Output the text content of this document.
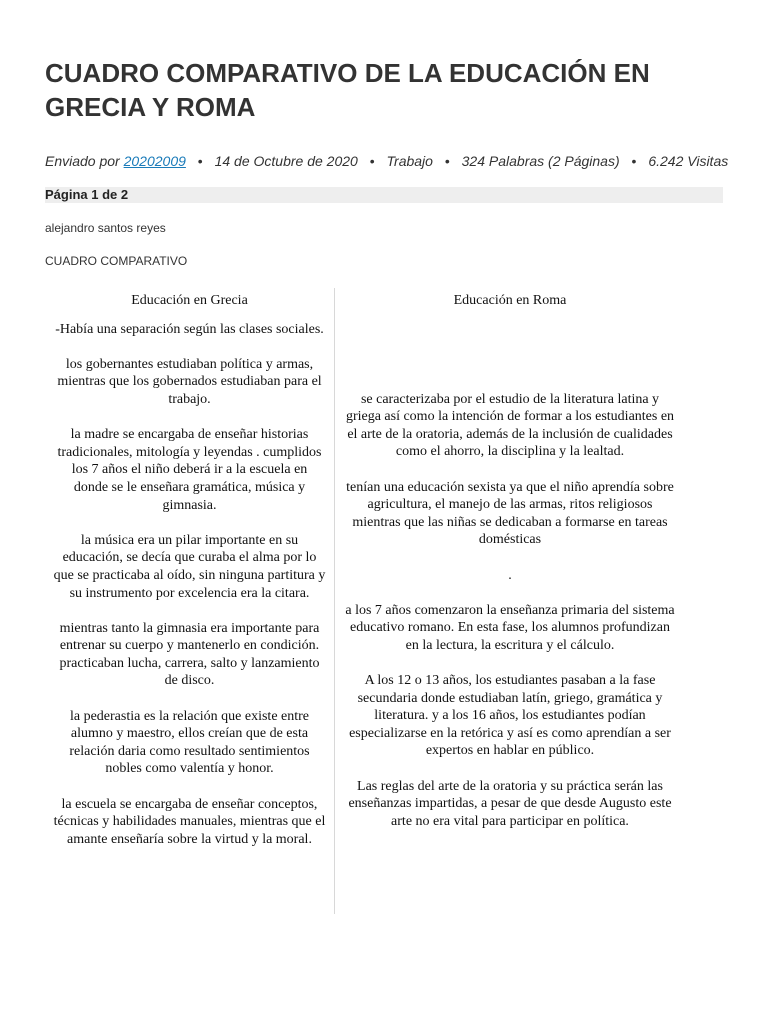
CUADRO COMPARATIVO DE LA EDUCACIÓN EN GRECIA Y ROMA
Enviado por 20202009 • 14 de Octubre de 2020 • Trabajo • 324 Palabras (2 Páginas) • 6.242 Visitas
Página 1 de 2
alejandro santos reyes
CUADRO COMPARATIVO
Educación en Grecia

-Había una separación según las clases sociales.

los gobernantes estudiaban política y armas, mientras que los gobernados estudiaban para el trabajo.

la madre se encargaba de enseñar historias tradicionales, mitología y leyendas . cumplidos los 7 años el niño deberá ir a la escuela en donde se le enseñara gramática, música y gimnasia.

la música era un pilar importante en su educación, se decía que curaba el alma por lo que se practicaba al oído, sin ninguna partitura y su instrumento por excelencia era la citara.

mientras tanto la gimnasia era importante para entrenar su cuerpo y mantenerlo en condición. practicaban lucha, carrera, salto y lanzamiento de disco.

la pederastia es la relación que existe entre alumno y maestro, ellos creían que de esta relación daria como resultado sentimientos nobles como valentía y honor.

la escuela se encargaba de enseñar conceptos, técnicas y habilidades manuales, mientras que el amante enseñaría sobre la virtud y la moral.

Educación en Roma

se caracterizaba por el estudio de la literatura latina y griega así como la intención de formar a los estudiantes en el arte de la oratoria, además de la inclusión de cualidades como el ahorro, la disciplina y la lealtad.

tenían una educación sexista ya que el niño aprendía sobre agricultura, el manejo de las armas, ritos religiosos mientras que las niñas se dedicaban a formarse en tareas domésticas

.

a los 7 años comenzaron la enseñanza primaria del sistema educativo romano. En esta fase, los alumnos profundizan en la lectura, la escritura y el cálculo.

A los 12 o 13 años, los estudiantes pasaban a la fase secundaria donde estudiaban latín, griego, gramática y literatura. y a los 16 años, los estudiantes podían especializarse en la retórica y así es como aprendían a ser expertos en hablar en público.

Las reglas del arte de la oratoria y su práctica serán las enseñanzas impartidas, a pesar de que desde Augusto este arte no era vital para participar en política.
